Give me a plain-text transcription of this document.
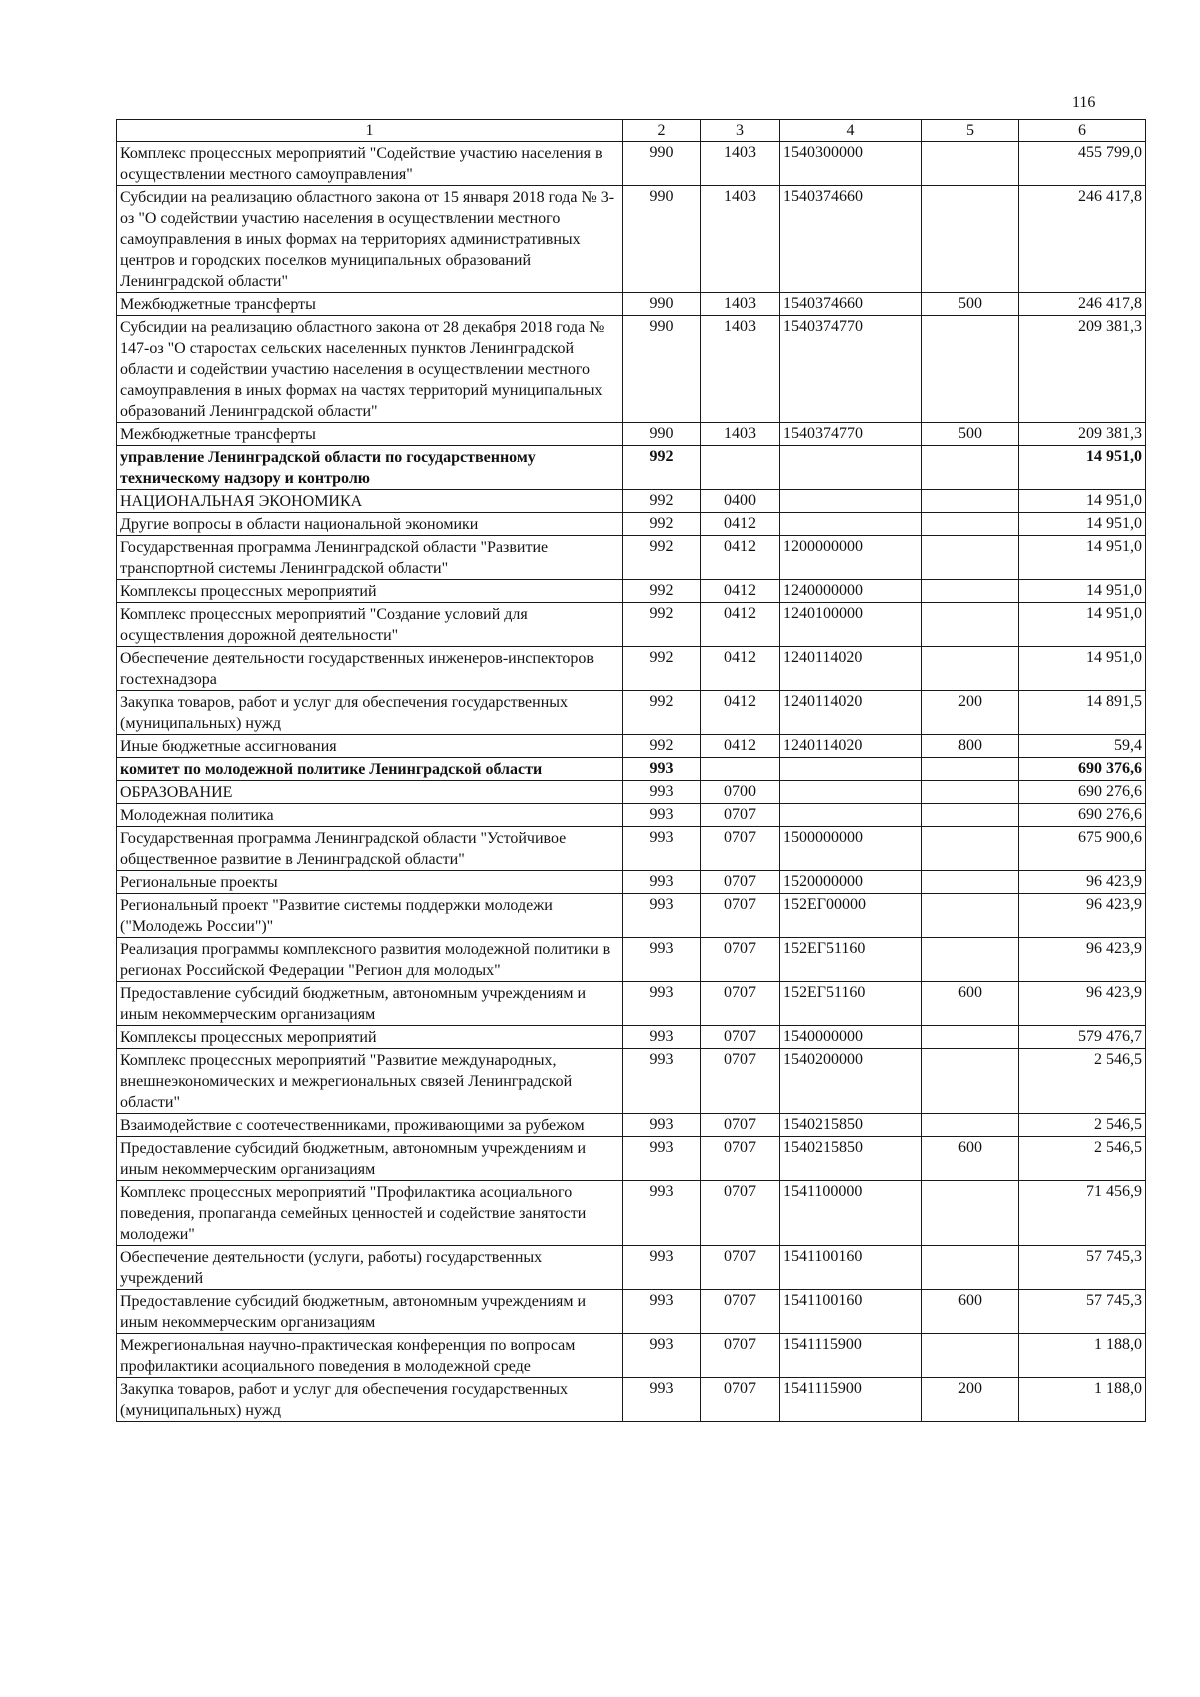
116
1	2	3	4	5	6
Комплекс процессных мероприятий "Содействие участию населения в осуществлении местного самоуправления"	990	1403	1540300000		455 799,0
Субсидии на реализацию областного закона от 15 января 2018 года № 3-оз "О содействии участию населения в осуществлении местного самоуправления в иных формах на территориях административных центров и городских поселков муниципальных образований Ленинградской области"	990	1403	1540374660		246 417,8
Межбюджетные трансферты	990	1403	1540374660	500	246 417,8
Субсидии на реализацию областного закона от 28 декабря 2018 года № 147-оз "О старостах сельских населенных пунктов Ленинградской области и содействии участию населения в осуществлении местного самоуправления в иных формах на частях территорий муниципальных образований Ленинградской области"	990	1403	1540374770		209 381,3
Межбюджетные трансферты	990	1403	1540374770	500	209 381,3
управление Ленинградской области по государственному техническому надзору и контролю	992				14 951,0
НАЦИОНАЛЬНАЯ ЭКОНОМИКА	992	0400			14 951,0
Другие вопросы в области национальной экономики	992	0412			14 951,0
Государственная программа Ленинградской области "Развитие транспортной системы Ленинградской области"	992	0412	1200000000		14 951,0
Комплексы процессных мероприятий	992	0412	1240000000		14 951,0
Комплекс процессных мероприятий "Создание условий для осуществления дорожной деятельности"	992	0412	1240100000		14 951,0
Обеспечение деятельности государственных инженеров-инспекторов гостехнадзора	992	0412	1240114020		14 951,0
Закупка товаров, работ и услуг для обеспечения государственных (муниципальных) нужд	992	0412	1240114020	200	14 891,5
Иные бюджетные ассигнования	992	0412	1240114020	800	59,4
комитет по молодежной политике Ленинградской области	993				690 376,6
ОБРАЗОВАНИЕ	993	0700			690 276,6
Молодежная политика	993	0707			690 276,6
Государственная программа Ленинградской области "Устойчивое общественное развитие в Ленинградской области"	993	0707	1500000000		675 900,6
Региональные проекты	993	0707	1520000000		96 423,9
Региональный проект "Развитие системы поддержки молодежи ("Молодежь России")"	993	0707	152ЕГ00000		96 423,9
Реализация программы комплексного развития молодежной политики в регионах Российской Федерации "Регион для молодых"	993	0707	152ЕГ51160		96 423,9
Предоставление субсидий бюджетным, автономным учреждениям и иным некоммерческим организациям	993	0707	152ЕГ51160	600	96 423,9
Комплексы процессных мероприятий	993	0707	1540000000		579 476,7
Комплекс процессных мероприятий "Развитие международных, внешнеэкономических и межрегиональных связей Ленинградской области"	993	0707	1540200000		2 546,5
Взаимодействие с соотечественниками, проживающими за рубежом	993	0707	1540215850		2 546,5
Предоставление субсидий бюджетным, автономным учреждениям и иным некоммерческим организациям	993	0707	1540215850	600	2 546,5
Комплекс процессных мероприятий "Профилактика асоциального поведения, пропаганда семейных ценностей и содействие занятости молодежи"	993	0707	1541100000		71 456,9
Обеспечение деятельности (услуги, работы) государственных учреждений	993	0707	1541100160		57 745,3
Предоставление субсидий бюджетным, автономным учреждениям и иным некоммерческим организациям	993	0707	1541100160	600	57 745,3
Межрегиональная научно-практическая конференция по вопросам профилактики асоциального поведения в молодежной среде	993	0707	1541115900		1 188,0
Закупка товаров, работ и услуг для обеспечения государственных (муниципальных) нужд	993	0707	1541115900	200	1 188,0
